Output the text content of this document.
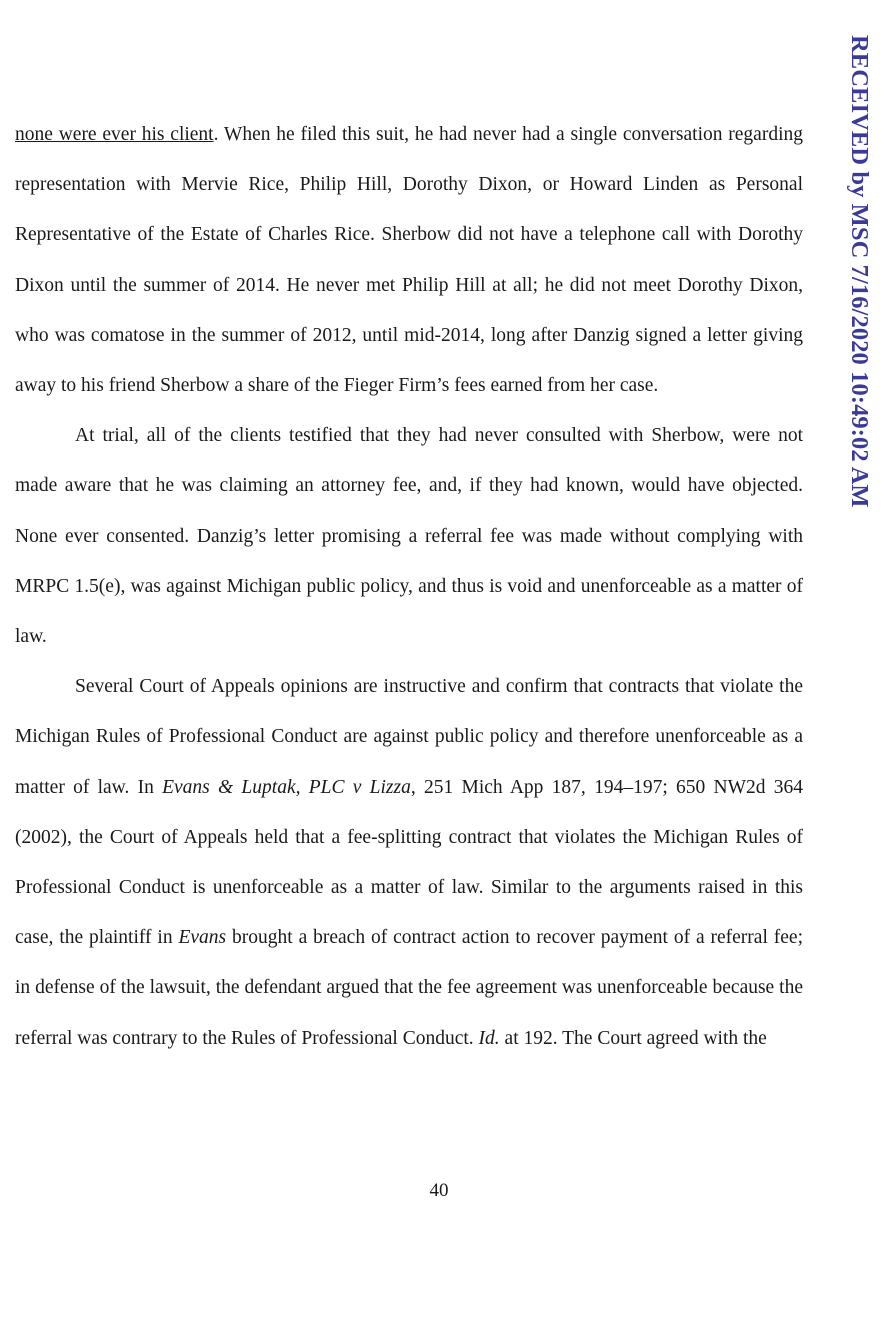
RECEIVED by MSC 7/16/2020 10:49:02 AM

none were ever his client. When he filed this suit, he had never had a single conversation regarding representation with Mervie Rice, Philip Hill, Dorothy Dixon, or Howard Linden as Personal Representative of the Estate of Charles Rice. Sherbow did not have a telephone call with Dorothy Dixon until the summer of 2014. He never met Philip Hill at all; he did not meet Dorothy Dixon, who was comatose in the summer of 2012, until mid-2014, long after Danzig signed a letter giving away to his friend Sherbow a share of the Fieger Firm’s fees earned from her case.

At trial, all of the clients testified that they had never consulted with Sherbow, were not made aware that he was claiming an attorney fee, and, if they had known, would have objected. None ever consented. Danzig’s letter promising a referral fee was made without complying with MRPC 1.5(e), was against Michigan public policy, and thus is void and unenforceable as a matter of law.

Several Court of Appeals opinions are instructive and confirm that contracts that violate the Michigan Rules of Professional Conduct are against public policy and therefore unenforceable as a matter of law. In Evans & Luptak, PLC v Lizza, 251 Mich App 187, 194–197; 650 NW2d 364 (2002), the Court of Appeals held that a fee-splitting contract that violates the Michigan Rules of Professional Conduct is unenforceable as a matter of law. Similar to the arguments raised in this case, the plaintiff in Evans brought a breach of contract action to recover payment of a referral fee; in defense of the lawsuit, the defendant argued that the fee agreement was unenforceable because the referral was contrary to the Rules of Professional Conduct. Id. at 192. The Court agreed with the

40
